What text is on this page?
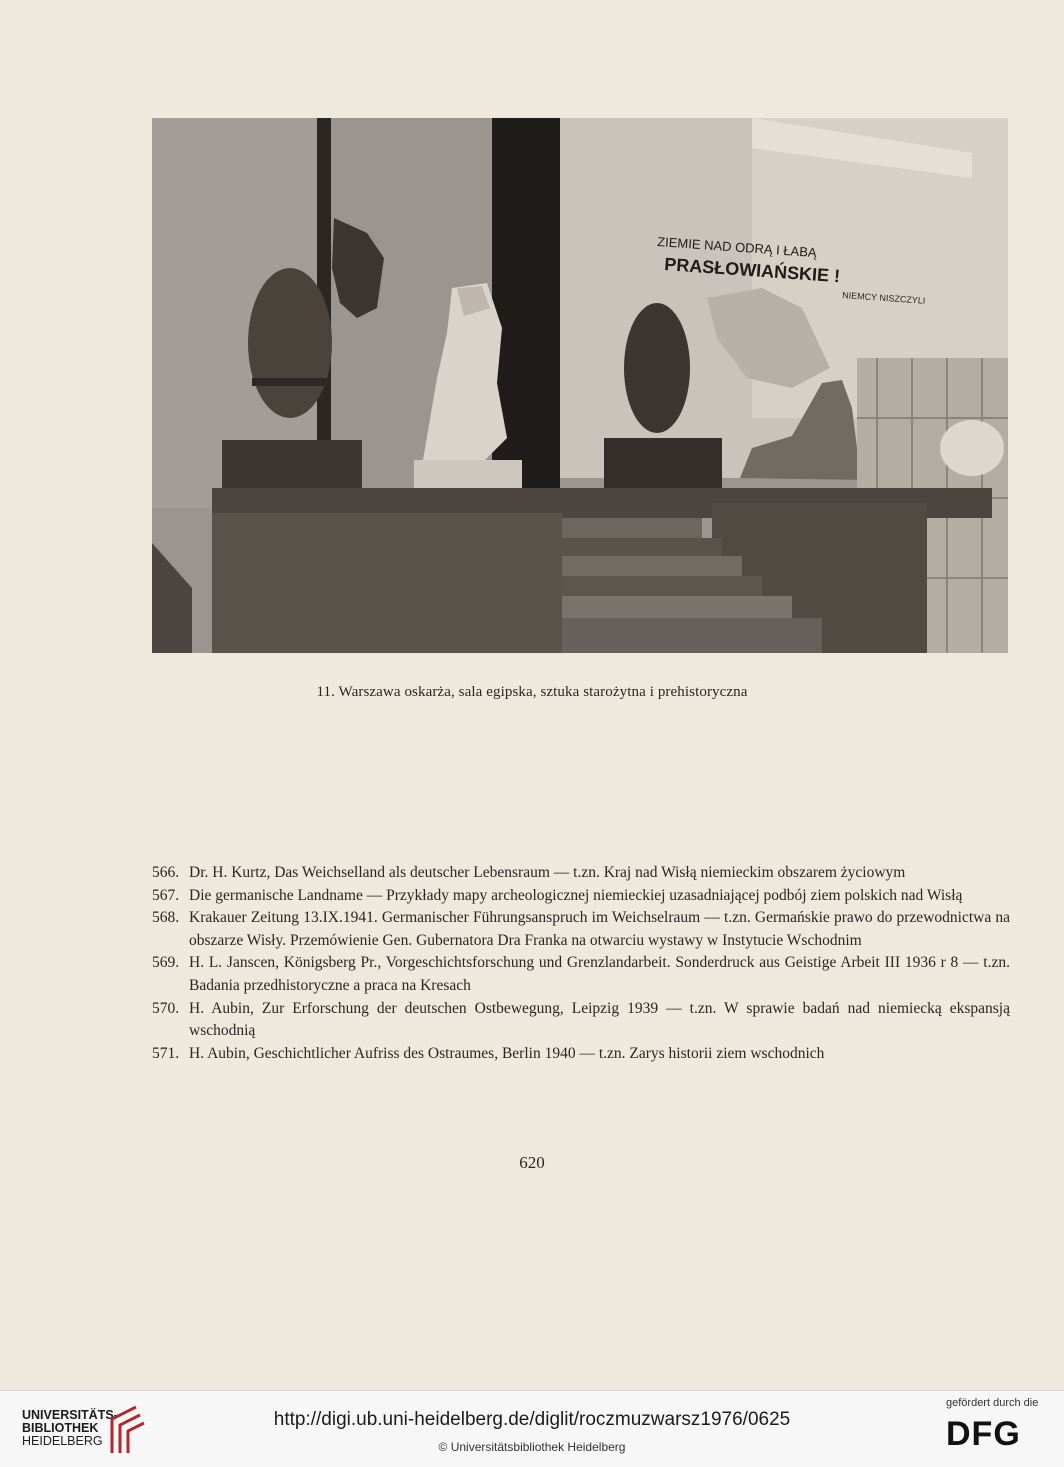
ZIEMIE NAD ODRĄ I ŁABĄ
PRASŁOWIAŃSKIE !
NIEMCY NISZCZYLI
11. Warszawa oskarża, sala egipska, sztuka starożytna i prehistoryczna
566. Dr. H. Kurtz, Das Weichselland als deutscher Lebensraum — t.zn. Kraj nad Wisłą niemieckim obszarem życiowym
567. Die germanische Landname — Przykłady mapy archeologicznej niemieckiej uzasadniającej podbój ziem polskich nad Wisłą
568. Krakauer Zeitung 13.IX.1941. Germanischer Führungsanspruch im Weichselraum — t.zn. Germańskie prawo do przewodnictwa na obszarze Wisły. Przemówienie Gen. Gubernatora Dra Franka na otwarciu wystawy w Instytucie Wschodnim
569. H. L. Janscen, Königsberg Pr., Vorgeschichtsforschung und Grenzlandarbeit. Sonderdruck aus Geistige Arbeit III 1936 r 8 — t.zn. Badania przedhistoryczne a praca na Kresach
570. H. Aubin, Zur Erforschung der deutschen Ostbewegung, Leipzig 1939 — t.zn. W sprawie badań nad niemiecką ekspansją wschodnią
571. H. Aubin, Geschichtlicher Aufriss des Ostraumes, Berlin 1940 — t.zn. Zarys historii ziem wschodnich
620
UNIVERSITÄTS-
BIBLIOTHEK
HEIDELBERG
http://digi.ub.uni-heidelberg.de/diglit/roczmuzwarsz1976/0625
© Universitätsbibliothek Heidelberg
gefördert durch die
DFG
